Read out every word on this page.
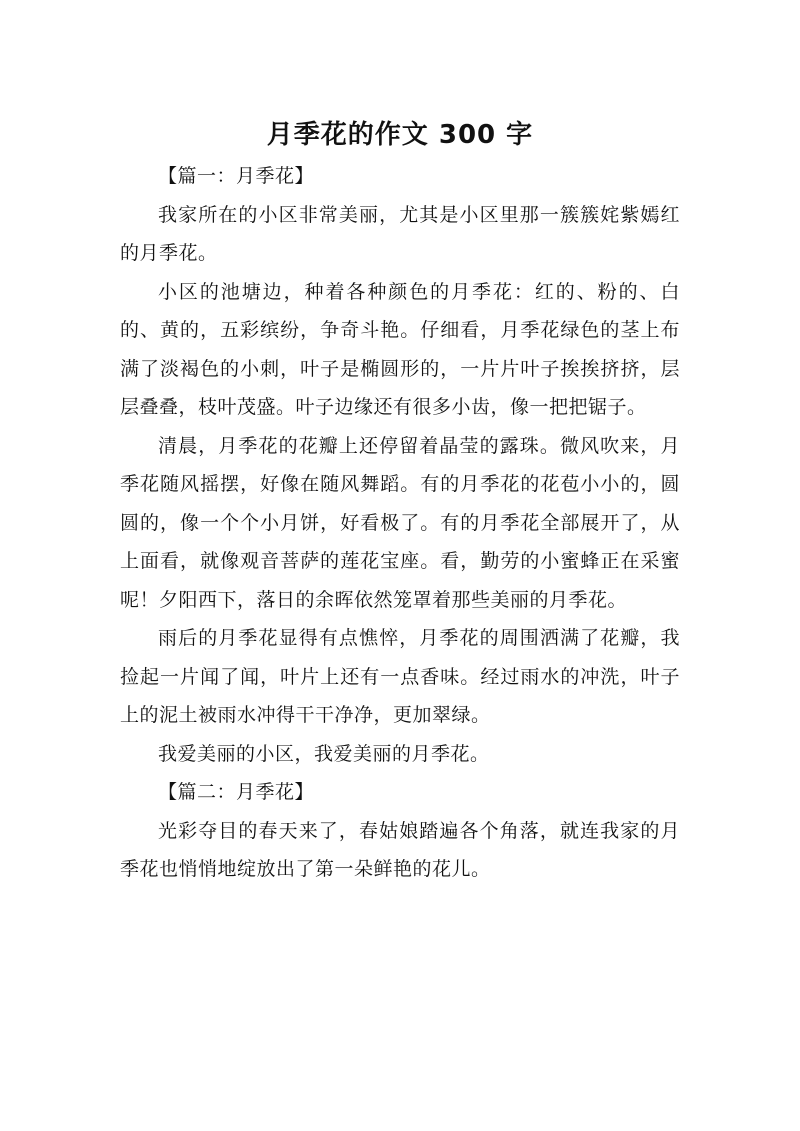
月季花的作文 300 字

【篇一：月季花】

我家所在的小区非常美丽，尤其是小区里那一簇簇姹紫嫣红的月季花。

小区的池塘边，种着各种颜色的月季花：红的、粉的、白的、黄的，五彩缤纷，争奇斗艳。仔细看，月季花绿色的茎上布满了淡褐色的小刺，叶子是椭圆形的，一片片叶子挨挨挤挤，层层叠叠，枝叶茂盛。叶子边缘还有很多小齿，像一把把锯子。

清晨，月季花的花瓣上还停留着晶莹的露珠。微风吹来，月季花随风摇摆，好像在随风舞蹈。有的月季花的花苞小小的，圆圆的，像一个个小月饼，好看极了。有的月季花全部展开了，从上面看，就像观音菩萨的莲花宝座。看，勤劳的小蜜蜂正在采蜜呢！夕阳西下，落日的余晖依然笼罩着那些美丽的月季花。

雨后的月季花显得有点憔悴，月季花的周围洒满了花瓣，我捡起一片闻了闻，叶片上还有一点香味。经过雨水的冲洗，叶子上的泥土被雨水冲得干干净净，更加翠绿。

我爱美丽的小区，我爱美丽的月季花。

【篇二：月季花】

光彩夺目的春天来了，春姑娘踏遍各个角落，就连我家的月季花也悄悄地绽放出了第一朵鲜艳的花儿。
